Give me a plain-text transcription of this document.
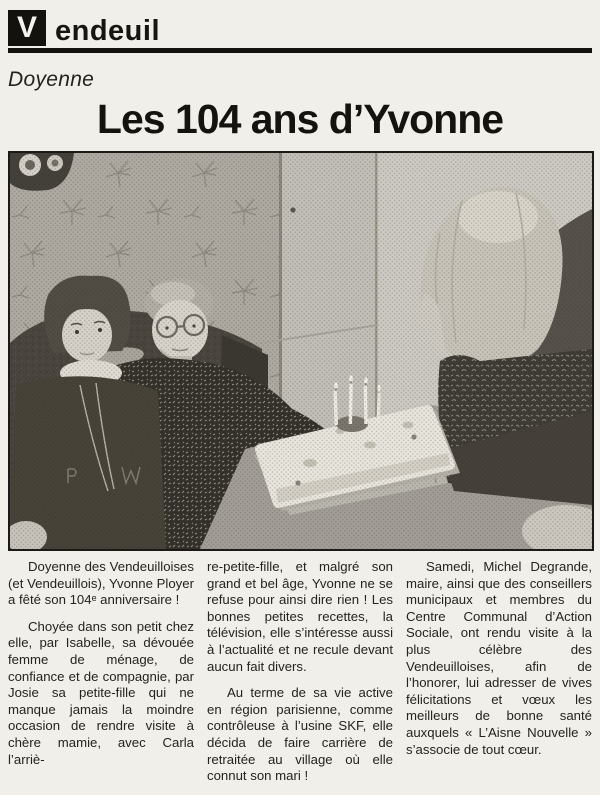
V endeuil
Doyenne
Les 104 ans d’Yvonne

Doyenne des Vendeuilloises (et Vendeuillois), Yvonne Ployer a fêté son 104ᵉ anniversaire !

Choyée dans son petit chez elle, par Isabelle, sa dévouée femme de ménage, de confiance et de compagnie, par Josie sa petite-fille qui ne manque jamais la moindre occasion de rendre visite à chère mamie, avec Carla l’arriè-

re-petite-fille, et malgré son grand et bel âge, Yvonne ne se refuse pour ainsi dire rien ! Les bonnes petites recettes, la télévision, elle s’intéresse aussi à l’actualité et ne recule devant aucun fait divers.

Au terme de sa vie active en région parisienne, comme contrôleuse à l’usine SKF, elle décida de faire carrière de retraitée au village où elle connut son mari !

Samedi, Michel Degrande, maire, ainsi que des conseillers municipaux et membres du Centre Communal d’Action Sociale, ont rendu visite à la plus célèbre des Vendeuilloises, afin de l’honorer, lui adresser de vives félicitations et vœux les meilleurs de bonne santé auxquels « L’Aisne Nouvelle » s’associe de tout cœur.
